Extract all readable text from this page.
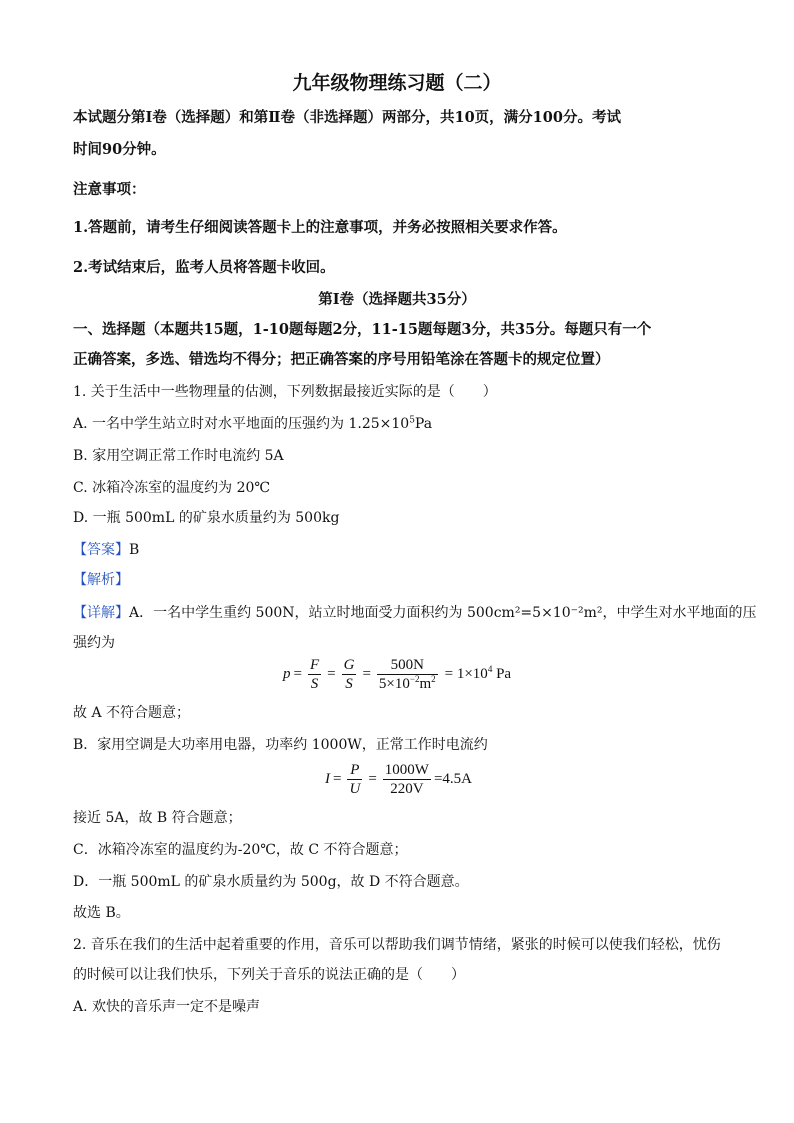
九年级物理练习题（二）
本试题分第Ⅰ卷（选择题）和第Ⅱ卷（非选择题）两部分，共10页，满分100分。考试
时间90分钟。
注意事项：
1.答题前，请考生仔细阅读答题卡上的注意事项，并务必按照相关要求作答。
2.考试结束后，监考人员将答题卡收回。
第Ⅰ卷（选择题共35分）
一、选择题（本题共15题，1-10题每题2分，11-15题每题3分，共35分。每题只有一个
正确答案，多选、错选均不得分；把正确答案的序号用铅笔涂在答题卡的规定位置）
1. 关于生活中一些物理量的估测，下列数据最接近实际的是（　　）
A. 一名中学生站立时对水平地面的压强约为 $1.25\times 10^5Pa$
B. 家用空调正常工作时电流约 5A
C. 冰箱冷冻室的温度约为 20℃
D. 一瓶 500mL 的矿泉水质量约为 500kg
【答案】B
【解析】
【详解】A．一名中学生重约 500N，站立时地面受力面积约为 500cm²=5×10⁻²m²，中学生对水平地面的压
强约为
$p = \frac{F}{S} = \frac{G}{S} = \frac{500N}{5\times 10^{-2}m^2} = 1\times 10^4$ Pa
故 A 不符合题意；
B．家用空调是大功率用电器，功率约 1000W，正常工作时电流约
$I = \frac{P}{U} = \frac{1000W}{220V} =4.5A$
接近 5A，故 B 符合题意；
C．冰箱冷冻室的温度约为-20℃，故 C 不符合题意；
D．一瓶 500mL 的矿泉水质量约为 500g，故 D 不符合题意。
故选 B。
2. 音乐在我们的生活中起着重要的作用，音乐可以帮助我们调节情绪，紧张的时候可以使我们轻松，忧伤
的时候可以让我们快乐，下列关于音乐的说法正确的是（　　）
A. 欢快的音乐声一定不是噪声
